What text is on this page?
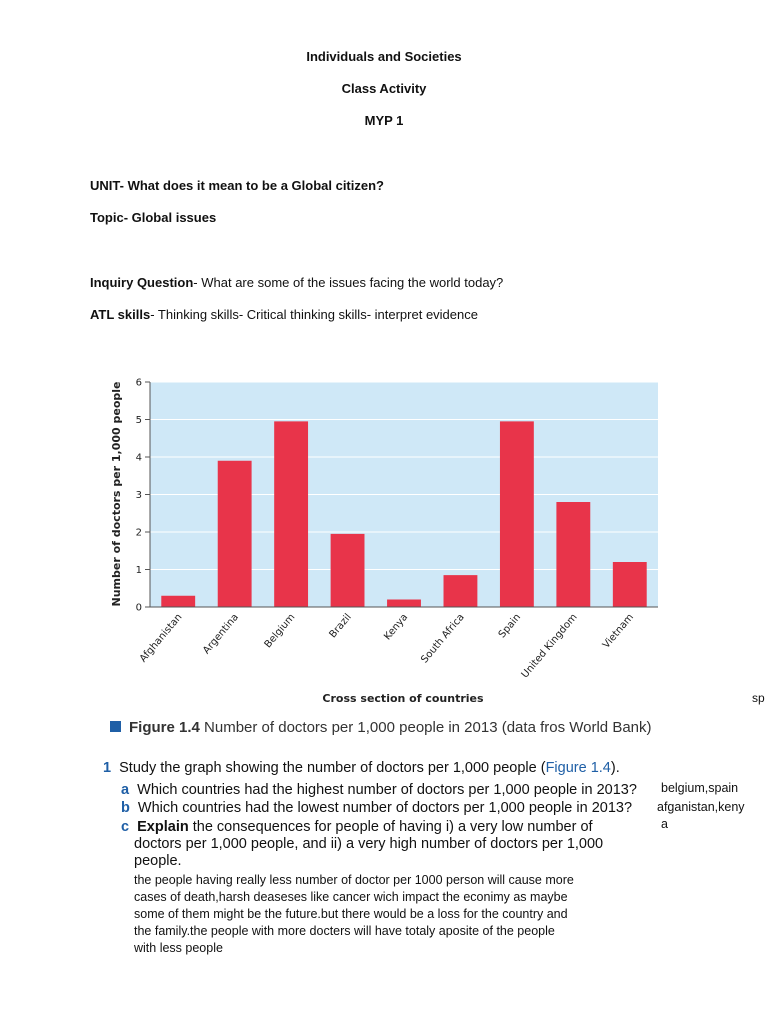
Individuals and Societies
Class Activity
MYP 1
UNIT- What does it mean to be a Global citizen?
Topic- Global issues
Inquiry Question- What are some of the issues facing the world today?
ATL skills- Thinking skills- Critical thinking skills- interpret evidence
0
1
2
3
4
5
6
Afghanistan Argentina Belgium	Brazil	Kenya South Africa	Spain
United Kingdom Vietnam
Number of doctors per 1,000 people
Cross section of countries	sp
Figure 1.4 Number of doctors per 1,000 people in 2013 (data fros World Bank)
1 Study the graph showing the number of doctors per 1,000 people (Figure 1.4).
a Which countries had the highest number of doctors per 1,000 people in 2013? belgium,spain
b Which countries had the lowest number of doctors per 1,000 people in 2013? afganistan,keny
a
c Explain the consequences for people of having i) a very low number of
doctors per 1,000 people, and ii) a very high number of doctors per 1,000
people.
the people having really less number of doctor per 1000 person will cause more
cases of death,harsh deaseses like cancer wich impact the econimy as maybe
some of them might be the future.but there would be a loss for the country and
the family.the people with more docters will have totaly aposite of the people
with less people
